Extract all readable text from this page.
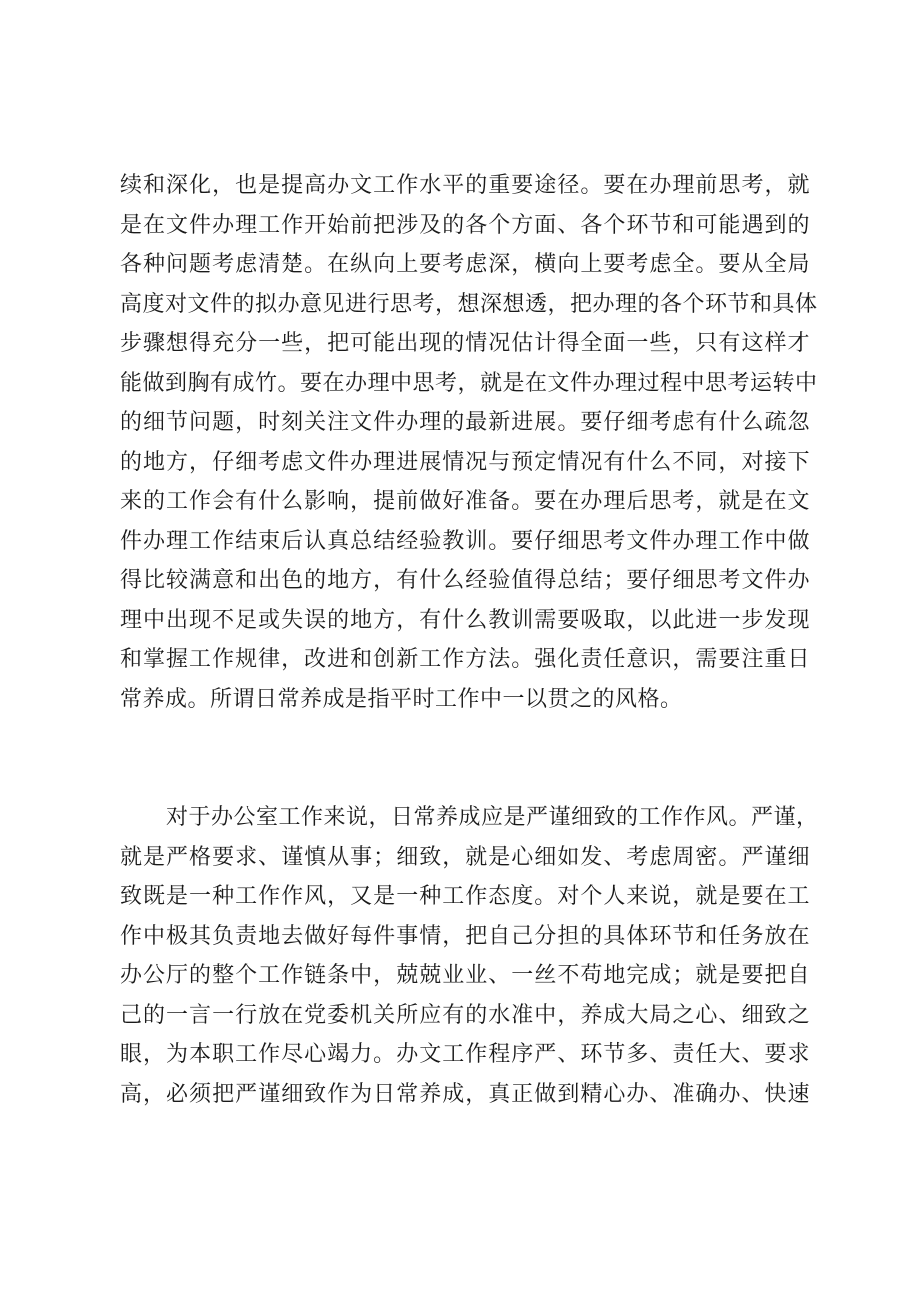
续和深化，也是提高办文工作水平的重要途径。要在办理前思考，就
是在文件办理工作开始前把涉及的各个方面、各个环节和可能遇到的
各种问题考虑清楚。在纵向上要考虑深，横向上要考虑全。要从全局
高度对文件的拟办意见进行思考，想深想透，把办理的各个环节和具体
步骤想得充分一些，把可能出现的情况估计得全面一些，只有这样才
能做到胸有成竹。要在办理中思考，就是在文件办理过程中思考运转中
的细节问题，时刻关注文件办理的最新进展。要仔细考虑有什么疏忽
的地方，仔细考虑文件办理进展情况与预定情况有什么不同，对接下
来的工作会有什么影响，提前做好准备。要在办理后思考，就是在文
件办理工作结束后认真总结经验教训。要仔细思考文件办理工作中做
得比较满意和出色的地方，有什么经验值得总结；要仔细思考文件办
理中出现不足或失误的地方，有什么教训需要吸取，以此进一步发现
和掌握工作规律，改进和创新工作方法。强化责任意识，需要注重日
常养成。所谓日常养成是指平时工作中一以贯之的风格。
对于办公室工作来说，日常养成应是严谨细致的工作作风。严谨，
就是严格要求、谨慎从事；细致，就是心细如发、考虑周密。严谨细
致既是一种工作作风，又是一种工作态度。对个人来说，就是要在工
作中极其负责地去做好每件事情，把自己分担的具体环节和任务放在
办公厅的整个工作链条中，兢兢业业、一丝不苟地完成；就是要把自
己的一言一行放在党委机关所应有的水准中，养成大局之心、细致之
眼，为本职工作尽心竭力。办文工作程序严、环节多、责任大、要求
高，必须把严谨细致作为日常养成，真正做到精心办、准确办、快速
